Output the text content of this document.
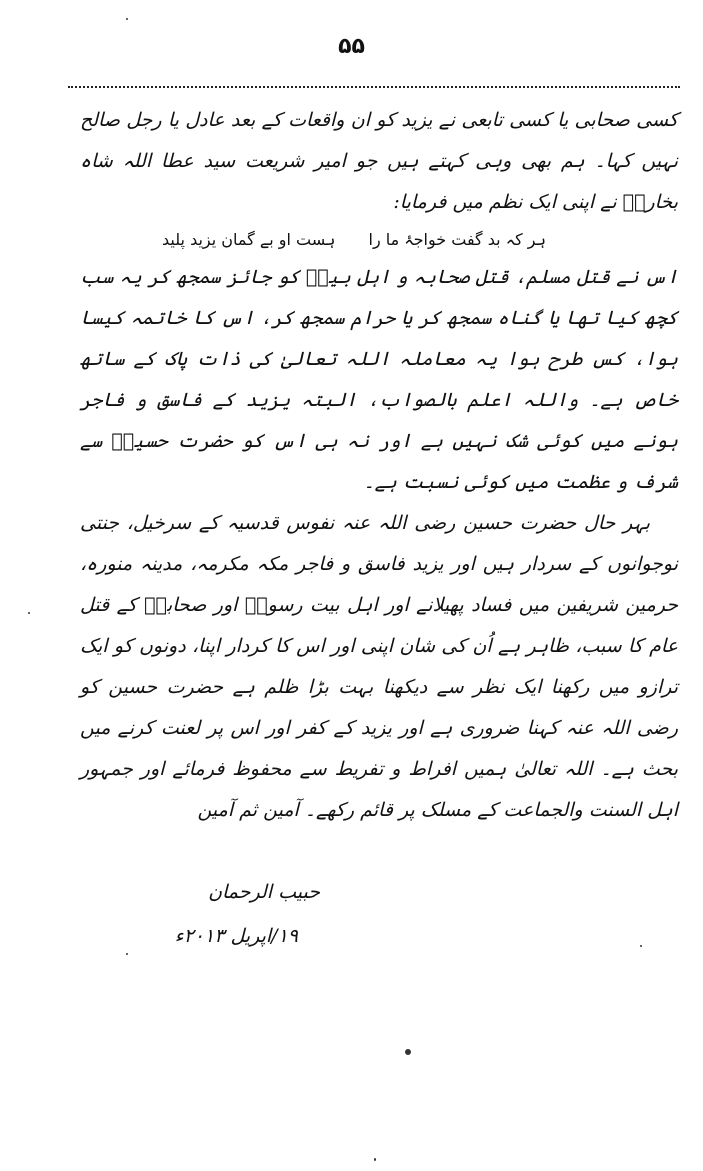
۵۵

کسی صحابی یا کسی تابعی نے یزید کو ان واقعات کے بعد عادل یا رجل صالح نہیں کہا۔ ہم بھی وہی کہتے ہیں جو امیر شریعت سید عطا اللہ شاہ بخاریؒ نے اپنی ایک نظم میں فرمایا:

ہر کہ بد گفت خواجۂ ما را ہست او بے گمان یزید پلید

اس نے قتل مسلم، قتل صحابہ و اہل بیتؓ کو جائز سمجھ کر یہ سب کچھ کیا تھا یا گناہ سمجھ کر یا حرام سمجھ کر، اس کا خاتمہ کیسا ہوا، کس طرح ہوا یہ معاملہ اللہ تعالیٰ کی ذات پاک کے ساتھ خاص ہے۔ واللہ اعلم بالصواب، البتہ یزید کے فاسق و فاجر ہونے میں کوئی شک نہیں ہے اور نہ ہی اس کو حضرت حسینؓ سے شرف و عظمت میں کوئی نسبت ہے۔

بہر حال حضرت حسین رضی اللہ عنہ نفوس قدسیہ کے سرخیل، جنتی نوجوانوں کے سردار ہیں اور یزید فاسق و فاجر مکہ مکرمہ، مدینہ منورہ، حرمین شریفین میں فساد پھیلانے اور اہل بیت رسولؐ اور صحابہؓ کے قتل عام کا سبب، ظاہر ہے اُن کی شان اپنی اور اس کا کردار اپنا، دونوں کو ایک ترازو میں رکھنا ایک نظر سے دیکھنا بہت بڑا ظلم ہے حضرت حسین کو رضی اللہ عنہ کہنا ضروری ہے اور یزید کے کفر اور اس پر لعنت کرنے میں بحث ہے۔ اللہ تعالیٰ ہمیں افراط و تفریط سے محفوظ فرمائے اور جمہور اہل السنت والجماعت کے مسلک پر قائم رکھے۔ آمین ثم آمین

حبیب الرحمان
۱۹/اپریل ۲۰۱۳ء
